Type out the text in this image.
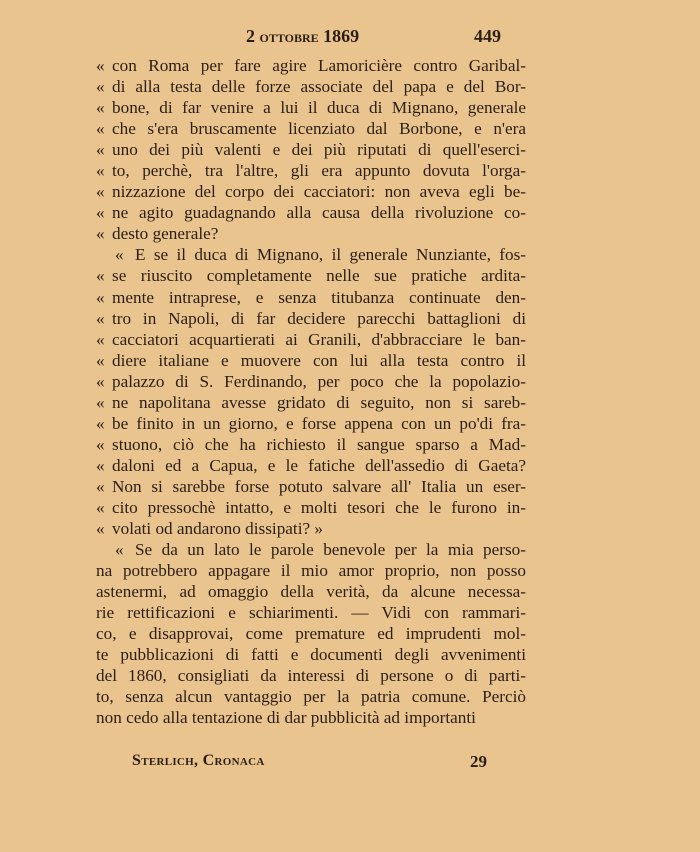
2 ottobre 1869	449
« con Roma per fare agire Lamoricière contro Garibal-
« di alla testa delle forze associate del papa e del Bor-
« bone, di far venire a lui il duca di Mignano, generale
« che s'era bruscamente licenziato dal Borbone, e n'era
« uno dei più valenti e dei più riputati di quell'eserci-
« to, perchè, tra l'altre, gli era appunto dovuta l'orga-
« nizzazione del corpo dei cacciatori: non aveva egli be-
« ne agito guadagnando alla causa della rivoluzione co-
« desto generale?
« E se il duca di Mignano, il generale Nunziante, fos-
« se riuscito completamente nelle sue pratiche ardita-
« mente intraprese, e senza titubanza continuate den-
« tro in Napoli, di far decidere parecchi battaglioni di
« cacciatori acquartierati ai Granili, d'abbracciare le ban-
« diere italiane e muovere con lui alla testa contro il
« palazzo di S. Ferdinando, per poco che la popolazio-
« ne napolitana avesse gridato di seguito, non si sareb-
« be finito in un giorno, e forse appena con un po'di fra-
« stuono, ciò che ha richiesto il sangue sparso a Mad-
« daloni ed a Capua, e le fatiche dell'assedio di Gaeta?
« Non si sarebbe forse potuto salvare all' Italia un eser-
« cito pressochè intatto, e molti tesori che le furono in-
« volati od andarono dissipati? »
« Se da un lato le parole benevole per la mia perso-
na potrebbero appagare il mio amor proprio, non posso
astenermi, ad omaggio della verità, da alcune necessa-
rie rettificazioni e schiarimenti. — Vidi con rammari-
co, e disapprovai, come premature ed imprudenti mol-
te pubblicazioni di fatti e documenti degli avvenimenti
del 1860, consigliati da interessi di persone o di parti-
to, senza alcun vantaggio per la patria comune. Perciò
non cedo alla tentazione di dar pubblicità ad importanti
Sterlich, Cronaca	29
